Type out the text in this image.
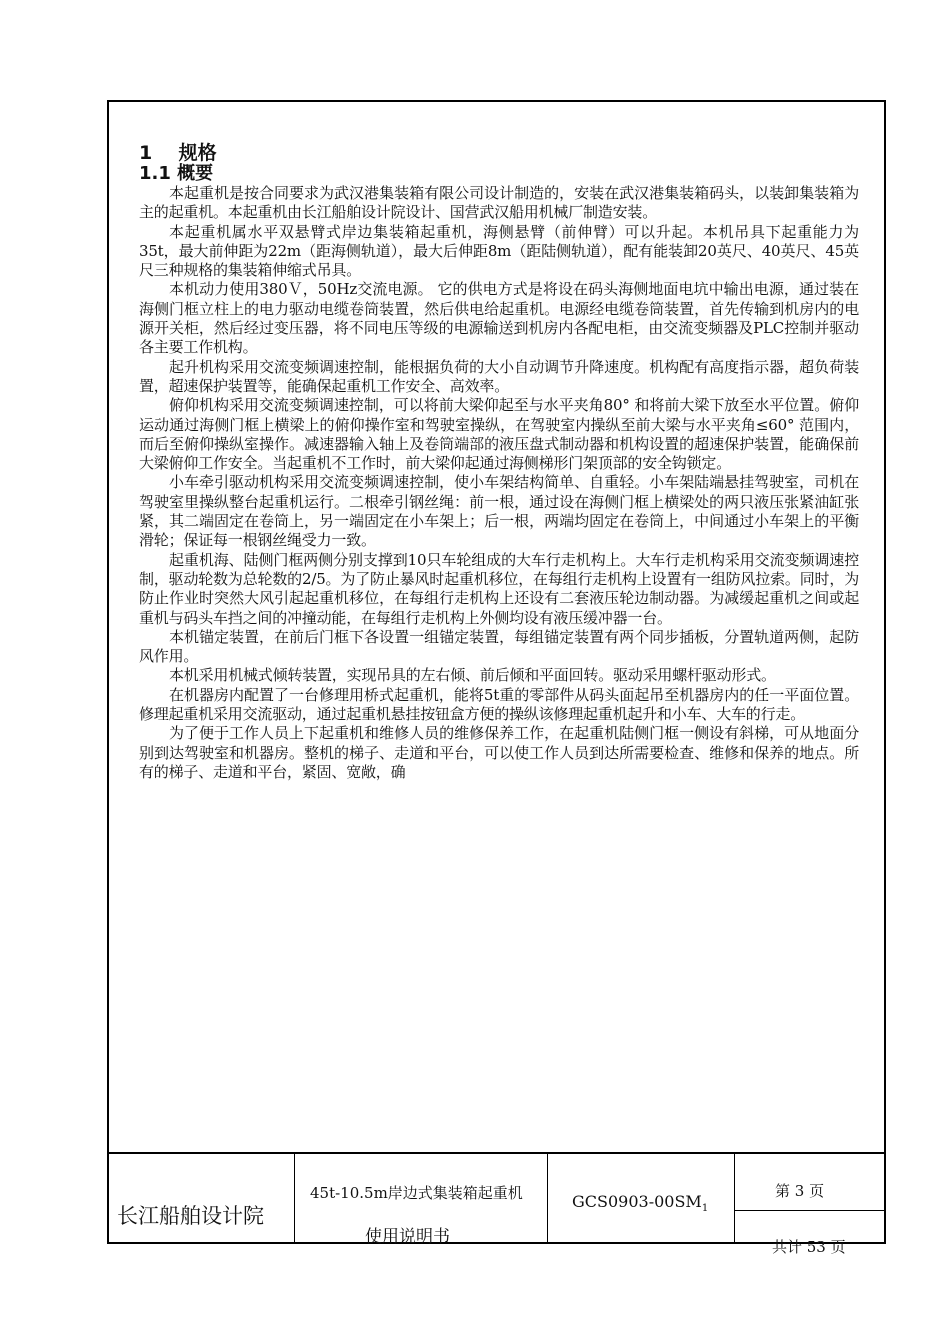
1    规格

1.1 概要

本起重机是按合同要求为武汉港集装箱有限公司设计制造的，安装在武汉港集装箱码头，以装卸集装箱为主的起重机。本起重机由长江船舶设计院设计、国营武汉船用机械厂制造安装。

本起重机属水平双悬臂式岸边集装箱起重机，海侧悬臂（前伸臂）可以升起。本机吊具下起重能力为35t，最大前伸距为22m（距海侧轨道），最大后伸距8m（距陆侧轨道），配有能装卸20英尺、40英尺、45英尺三种规格的集装箱伸缩式吊具。

本机动力使用380Ｖ，50Hz交流电源。 它的供电方式是将设在码头海侧地面电坑中输出电源，通过装在海侧门框立柱上的电力驱动电缆卷筒装置，然后供电给起重机。电源经电缆卷筒装置，首先传输到机房内的电源开关柜，然后经过变压器，将不同电压等级的电源输送到机房内各配电柜，由交流变频器及PLC控制并驱动各主要工作机构。

起升机构采用交流变频调速控制，能根据负荷的大小自动调节升降速度。机构配有高度指示器，超负荷装置，超速保护装置等，能确保起重机工作安全、高效率。

俯仰机构采用交流变频调速控制，可以将前大梁仰起至与水平夹角80° 和将前大梁下放至水平位置。俯仰运动通过海侧门框上横梁上的俯仰操作室和驾驶室操纵，在驾驶室内操纵至前大梁与水平夹角≤60° 范围内，而后至俯仰操纵室操作。减速器输入轴上及卷筒端部的液压盘式制动器和机构设置的超速保护装置，能确保前大梁俯仰工作安全。当起重机不工作时，前大梁仰起通过海侧梯形门架顶部的安全钩锁定。

小车牵引驱动机构采用交流变频调速控制，使小车架结构简单、自重轻。小车架陆端悬挂驾驶室，司机在驾驶室里操纵整台起重机运行。二根牵引钢丝绳：前一根，通过设在海侧门框上横梁处的两只液压张紧油缸张紧，其二端固定在卷筒上，另一端固定在小车架上；后一根，两端均固定在卷筒上，中间通过小车架上的平衡滑轮；保证每一根钢丝绳受力一致。

起重机海、陆侧门框两侧分别支撑到10只车轮组成的大车行走机构上。大车行走机构采用交流变频调速控制，驱动轮数为总轮数的2/5。为了防止暴风时起重机移位，在每组行走机构上设置有一组防风拉索。同时，为防止作业时突然大风引起起重机移位，在每组行走机构上还设有二套液压轮边制动器。为减缓起重机之间或起重机与码头车挡之间的冲撞动能，在每组行走机构上外侧均设有液压缓冲器一台。

本机锚定装置，在前后门框下各设置一组锚定装置，每组锚定装置有两个同步插板，分置轨道两侧，起防风作用。

本机采用机械式倾转装置，实现吊具的左右倾、前后倾和平面回转。驱动采用螺杆驱动形式。

在机器房内配置了一台修理用桥式起重机，能将5t重的零部件从码头面起吊至机器房内的任一平面位置。修理起重机采用交流驱动，通过起重机悬挂按钮盒方便的操纵该修理起重机起升和小车、大车的行走。

为了便于工作人员上下起重机和维修人员的维修保养工作，在起重机陆侧门框一侧设有斜梯，可从地面分别到达驾驶室和机器房。整机的梯子、走道和平台，可以使工作人员到达所需要检查、维修和保养的地点。所有的梯子、走道和平台，紧固、宽敞，确

长江船舶设计院
45t-10.5m岸边式集装箱起重机
使用说明书
$GCS0903-00SM_1$
第 3 页
共计 53 页
